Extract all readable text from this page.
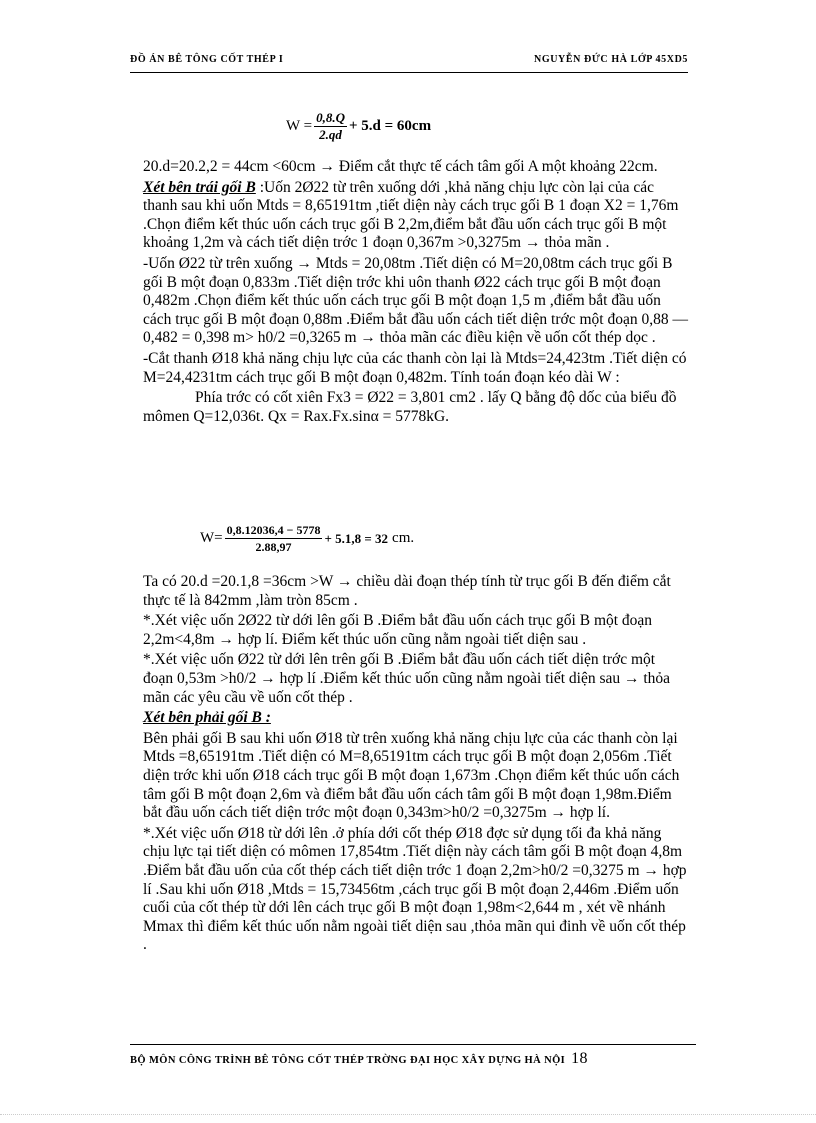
ĐỒ ÁN BÊ TÔNG CỐT THÉP I	NGUYỄN ĐỨC HÀ LỚP 45XD5
$W = \frac{0,8.Q}{2.qd} + 5.d = 60cm$

20.d=20.2,2 = 44cm <60cm → Điểm cắt thực tế cách tâm gối A một khoảng 22cm.

Xét bên trái gối B :Uốn 2Ø22 từ trên xuống dới ,khả năng chịu lực còn lại của các thanh sau khi uốn Mtds = 8,65191tm ,tiết diện này cách trục gối B 1 đoạn X2 = 1,76m .Chọn điểm kết thúc uốn cách trục gối B 2,2m,điểm bắt đầu uốn cách trục gối B một khoảng 1,2m và cách tiết diện trớc 1 đoạn 0,367m >0,3275m → thỏa mãn .

-Uốn Ø22 từ trên xuống → Mtds = 20,08tm .Tiết diện có M=20,08tm cách trục gối B gối B một đoạn 0,833m .Tiết diện trớc khi uôn thanh Ø22 cách trục gối B một đoạn 0,482m .Chọn điểm kết thúc uốn cách trục gối B một đoạn 1,5 m ,điểm bắt đầu uốn cách trục gối B một đoạn 0,88m .Điểm bắt đầu uốn cách tiết diện trớc một đoạn 0,88 — 0,482 = 0,398 m> h0/2 =0,3265 m → thỏa mãn các điều kiện về uốn cốt thép dọc .

-Cắt thanh Ø18 khả năng chịu lực của các thanh còn lại là Mtds=24,423tm .Tiết diện có M=24,4231tm cách trục gối B một đoạn 0,482m. Tính toán đoạn kéo dài W :

Phía trớc có cốt xiên Fx3 = Ø22 = 3,801 cm2 . lấy Q bằng độ dốc của biểu đồ mômen Q=12,036t. Qx = Rax.Fx.sinα = 5778kG.

$W= \frac{0,8.12036,4 - 5778}{2.88,97} + 5.1,8 = 32$ cm.

Ta có 20.d =20.1,8 =36cm >W → chiều dài đoạn thép tính từ trục gối B đến điểm cắt thực tế là 842mm ,làm tròn 85cm .

*.Xét việc uốn 2Ø22 từ dới lên gối B .Điểm bắt đầu uốn cách trục gối B một đoạn 2,2m<4,8m → hợp lí. Điểm kết thúc uốn cũng nằm ngoài tiết diện sau .

*.Xét việc uốn Ø22 từ dới lên trên gối B .Điểm bắt đầu uốn cách tiết diện trớc một đoạn 0,53m >h0/2 → hợp lí .Điểm kết thúc uốn cũng nằm ngoài tiết diện sau → thỏa mãn các yêu cầu về uốn cốt thép .

Xét bên phải gối B :

Bên phải gối B sau khi uốn Ø18 từ trên xuống khả năng chịu lực của các thanh còn lại Mtds =8,65191tm .Tiết diện có M=8,65191tm cách trục gối B một đoạn 2,056m .Tiết diện trớc khi uốn Ø18 cách trục gối B một đoạn 1,673m .Chọn điểm kết thúc uốn cách tâm gối B một đoạn 2,6m và điểm bắt đầu uốn cách tâm gối B một đoạn 1,98m.Điểm bắt đầu uốn cách tiết diện trớc một đoạn 0,343m>h0/2 =0,3275m → hợp lí.

*.Xét việc uốn Ø18 từ dới lên .ở phía dới cốt thép Ø18 đợc sử dụng tối đa khả năng chịu lực tại tiết diện có mômen 17,854tm .Tiết diện này cách tâm gối B một đoạn 4,8m .Điểm bắt đầu uốn của cốt thép cách tiết diện trớc 1 đoạn 2,2m>h0/2 =0,3275 m → hợp lí .Sau khi uốn Ø18 ,Mtds = 15,73456tm ,cách trục gối B một đoạn 2,446m .Điểm uốn cuối của cốt thép từ dới lên cách trục gối B một đoạn 1,98m<2,644 m , xét về nhánh Mmax thì điểm kết thúc uốn nằm ngoài tiết diện sau ,thỏa mãn qui đinh về uốn cốt thép .

BỘ MÔN CÔNG TRÌNH BÊ TÔNG CỐT THÉP TRỜNG ĐẠI HỌC XÂY DỰNG HÀ NỘI 18
